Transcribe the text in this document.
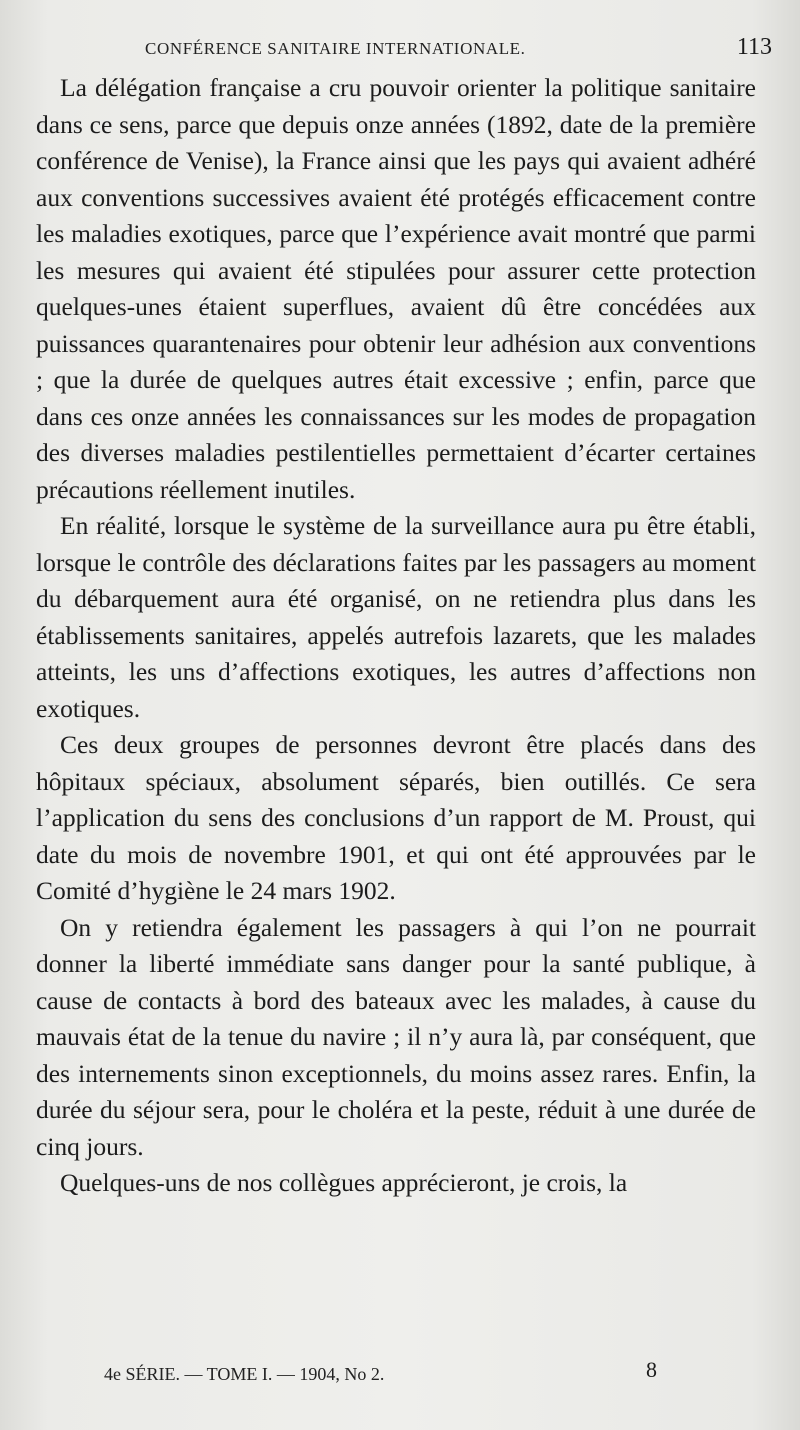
CONFÉRENCE SANITAIRE INTERNATIONALE.	113

La délégation française a cru pouvoir orienter la politique sanitaire dans ce sens, parce que depuis onze années (1892, date de la première conférence de Venise), la France ainsi que les pays qui avaient adhéré aux conventions successives avaient été protégés efficacement contre les maladies exotiques, parce que l’expérience avait montré que parmi les mesures qui avaient été stipulées pour assurer cette protection quelques-unes étaient superflues, avaient dû être concédées aux puissances quarantenaires pour obtenir leur adhésion aux conventions ; que la durée de quelques autres était excessive ; enfin, parce que dans ces onze années les connaissances sur les modes de propagation des diverses maladies pestilentielles permettaient d’écarter certaines précautions réellement inutiles.

En réalité, lorsque le système de la surveillance aura pu être établi, lorsque le contrôle des déclarations faites par les passagers au moment du débarquement aura été organisé, on ne retiendra plus dans les établissements sanitaires, appelés autrefois lazarets, que les malades atteints, les uns d’affections exotiques, les autres d’affections non exotiques.

Ces deux groupes de personnes devront être placés dans des hôpitaux spéciaux, absolument séparés, bien outillés. Ce sera l’application du sens des conclusions d’un rapport de M. Proust, qui date du mois de novembre 1901, et qui ont été approuvées par le Comité d’hygiène le 24 mars 1902.

On y retiendra également les passagers à qui l’on ne pourrait donner la liberté immédiate sans danger pour la santé publique, à cause de contacts à bord des bateaux avec les malades, à cause du mauvais état de la tenue du navire ; il n’y aura là, par conséquent, que des internements sinon exceptionnels, du moins assez rares. Enfin, la durée du séjour sera, pour le choléra et la peste, réduit à une durée de cinq jours.

Quelques-uns de nos collègues apprécieront, je crois, la

4e SÉRIE. — TOME I. — 1904, No 2.	8
